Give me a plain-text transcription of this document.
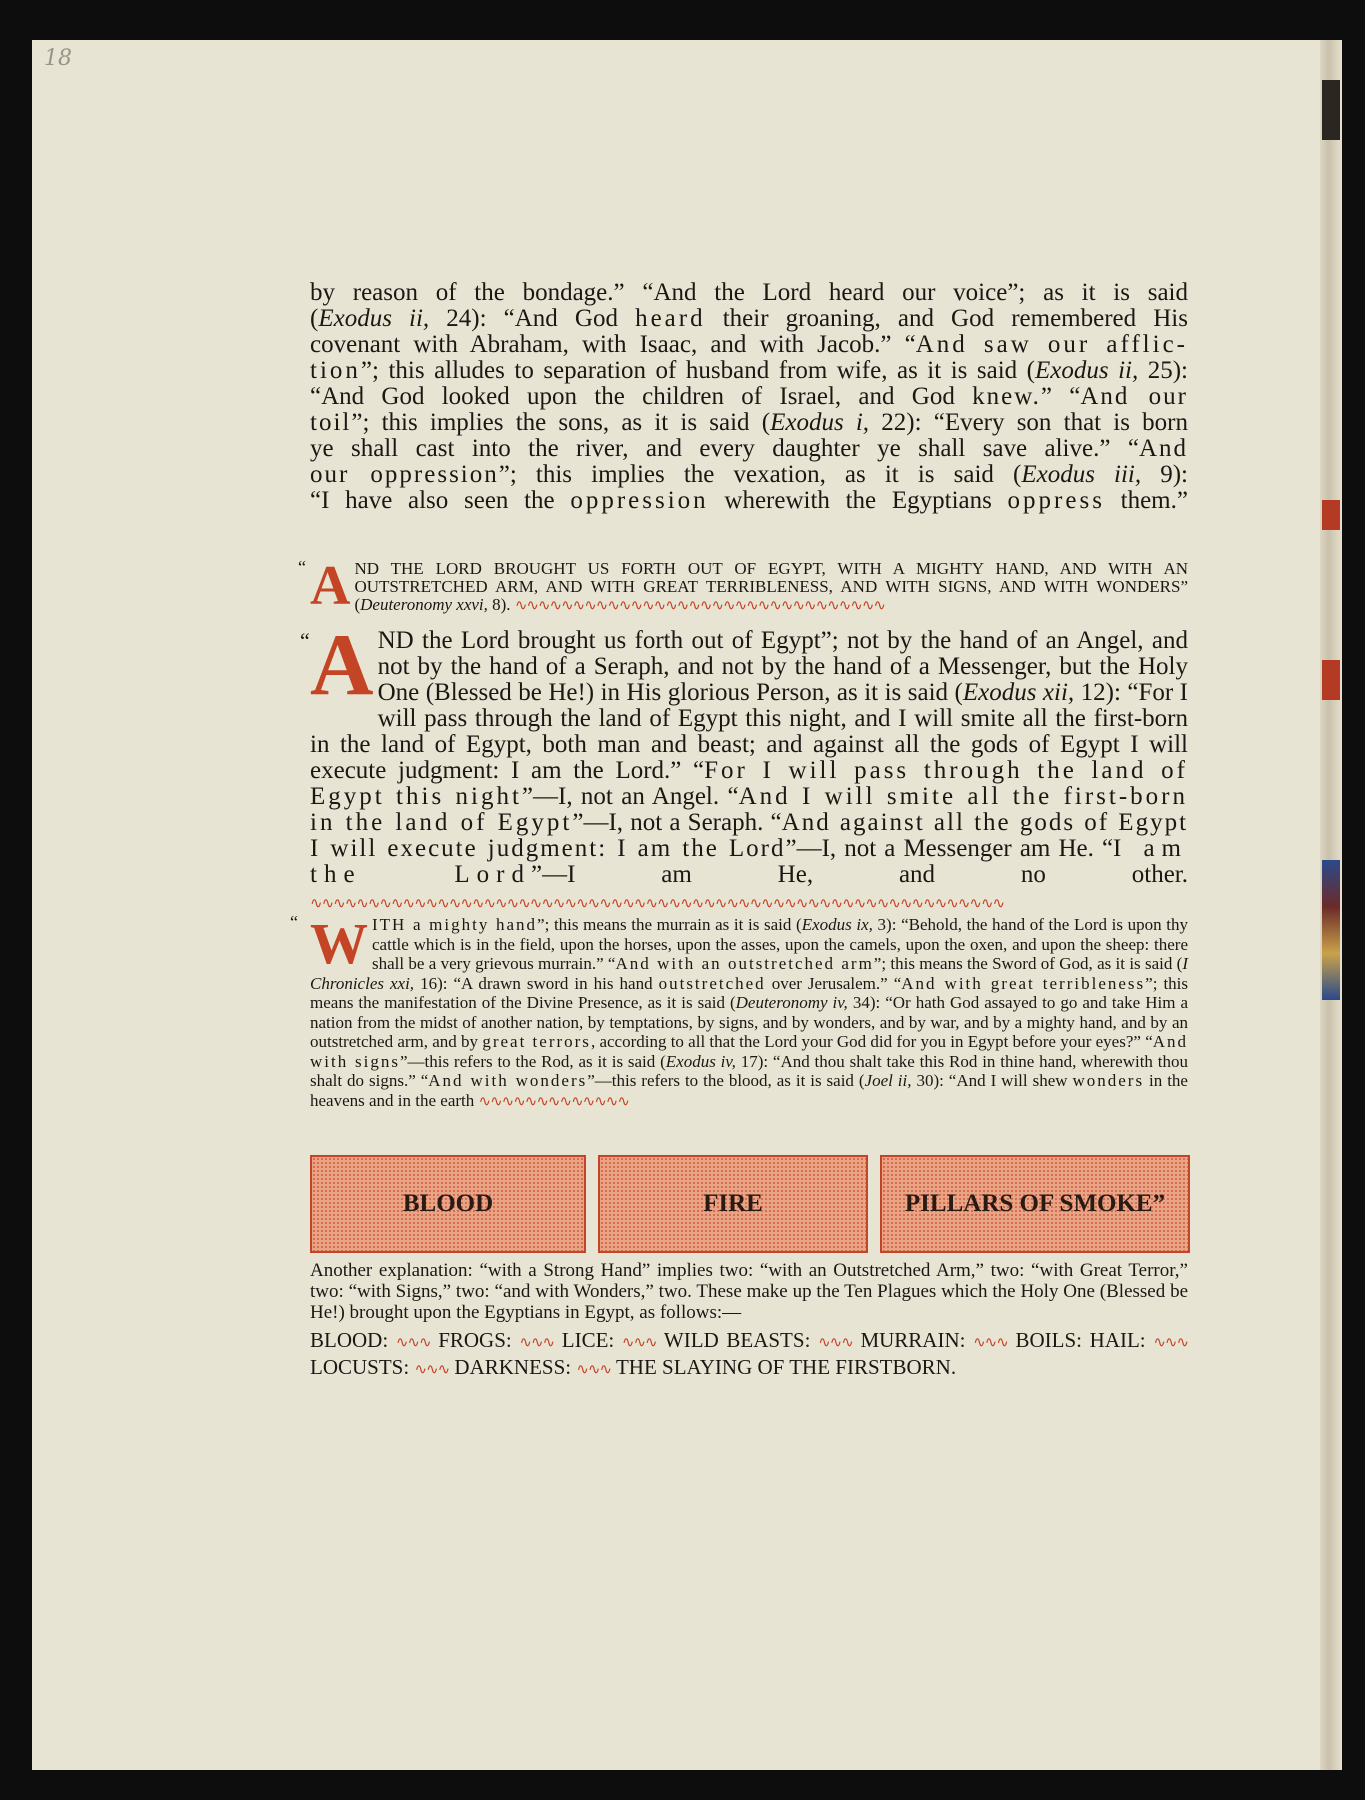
18
by reason of the bondage.” “And the Lord heard our voice”; as it is said
(Exodus ii, 24): “And God heard their groaning, and God remembered His
covenant with Abraham, with Isaac, and with Jacob.” “And saw our afflic-
tion”; this alludes to separation of husband from wife, as it is said (Exodus ii, 25):
“And God looked upon the children of Israel, and God knew.” “And our
toil”; this implies the sons, as it is said (Exodus i, 22): “Every son that is born
ye shall cast into the river, and every daughter ye shall save alive.” “And
our oppression”; this implies the vexation, as it is said (Exodus iii, 9):
“I have also seen the oppression wherewith the Egyptians oppress them.”
“ A ND THE LORD BROUGHT US FORTH OUT OF EGYPT, WITH A MIGHTY HAND, AND WITH AN OUTSTRETCHED ARM, AND WITH GREAT TERRIBLENESS, AND WITH SIGNS, AND WITH WONDERS” (Deuteronomy xxvi, 8). ∿∿∿∿∿∿∿∿∿∿∿∿∿∿∿∿∿∿∿∿∿∿∿∿∿∿∿∿∿∿∿∿
“ A ND the Lord brought us forth out of Egypt”; not by the hand of an Angel, and not by the hand of a Seraph, and not by the hand of a Messenger, but the Holy One (Blessed be He!) in His glorious Person, as it is said (Exodus xii, 12): “For I will pass through the land of Egypt this night, and I will smite all the first-born in the land of Egypt, both man and beast; and against all the gods of Egypt I will execute judgment: I am the Lord.” “For I will pass through the land of Egypt this night”—I, not an Angel. “And I will smite all the first-born in the land of Egypt”—I, not a Seraph. “And against all the gods of Egypt I will execute judgment: I am the Lord”—I, not a Messenger am He. “I am the Lord”—I am He, and no other. ∿∿∿∿∿∿∿∿∿∿∿∿∿∿∿∿∿∿∿∿∿∿∿∿∿∿∿∿∿∿∿∿∿∿∿∿∿∿∿∿∿∿∿∿∿∿∿∿∿∿∿∿∿∿∿∿∿∿∿∿
“ W ITH a mighty hand”; this means the murrain as it is said (Exodus ix, 3): “Behold, the hand of the Lord is upon thy cattle which is in the field, upon the horses, upon the asses, upon the camels, upon the oxen, and upon the sheep: there shall be a very grievous murrain.” “And with an outstretched arm”; this means the Sword of God, as it is said (I Chronicles xxi, 16): “A drawn sword in his hand outstretched over Jerusalem.” “And with great terribleness”; this means the manifestation of the Divine Presence, as it is said (Deuteronomy iv, 34): “Or hath God assayed to go and take Him a nation from the midst of another nation, by temptations, by signs, and by wonders, and by war, and by a mighty hand, and by an outstretched arm, and by great terrors, according to all that the Lord your God did for you in Egypt before your eyes?” “And with signs”—this refers to the Rod, as it is said (Exodus iv, 17): “And thou shalt take this Rod in thine hand, wherewith thou shalt do signs.” “And with wonders”—this refers to the blood, as it is said (Joel ii, 30): “And I will shew wonders in the heavens and in the earth ∿∿∿∿∿∿∿∿∿∿∿∿∿
BLOOD	FIRE	PILLARS OF SMOKE”
Another explanation: “with a Strong Hand” implies two: “with an Outstretched Arm,” two: “with Great Terror,” two: “with Signs,” two: “and with Wonders,” two. These make up the Ten Plagues which the Holy One (Blessed be He!) brought upon the Egyptians in Egypt, as follows:—
BLOOD: ∿∿∿ FROGS: ∿∿∿ LICE: ∿∿∿ WILD BEASTS: ∿∿∿ MURRAIN: ∿∿∿ BOILS: HAIL: ∿∿∿ LOCUSTS: ∿∿∿ DARKNESS: ∿∿∿ THE SLAYING OF THE FIRSTBORN.
